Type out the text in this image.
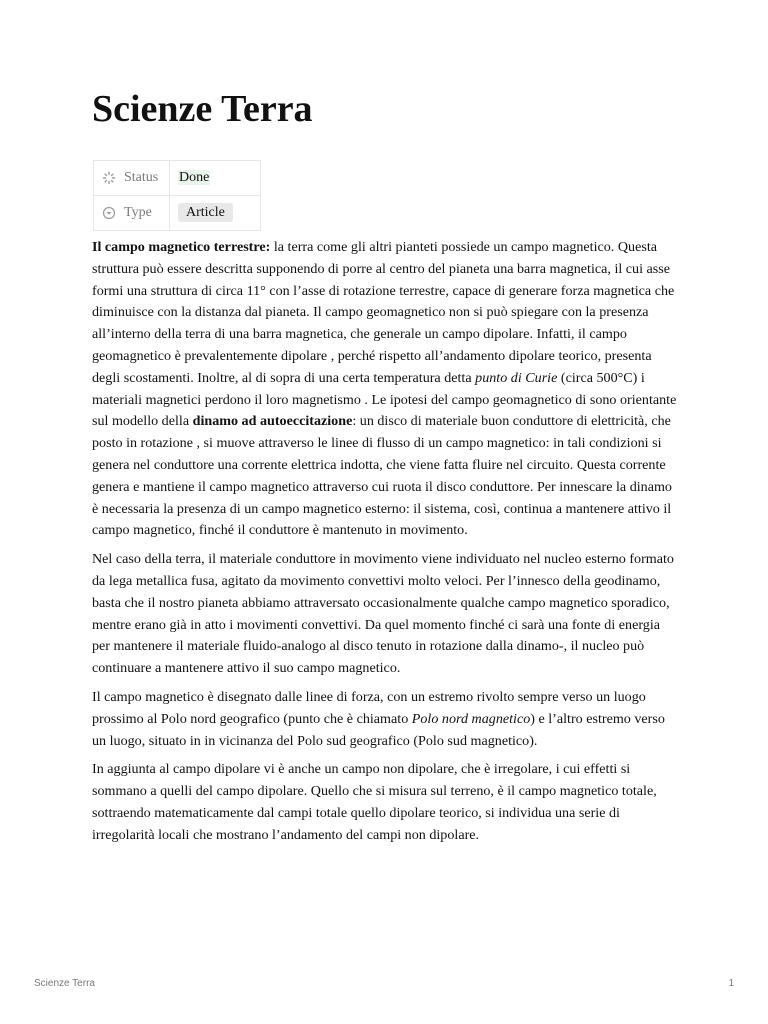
Scienze Terra
Status	Done

Type	Article

Il campo magnetico terrestre: la terra come gli altri pianteti possiede un campo magnetico. Questa struttura può essere descritta supponendo di porre al centro del pianeta una barra magnetica, il cui asse formi una struttura di circa 11° con l’asse di rotazione terrestre, capace di generare forza magnetica che diminuisce con la distanza dal pianeta. Il campo geomagnetico non si può spiegare con la presenza all’interno della terra di una barra magnetica, che generale un campo dipolare. Infatti, il campo geomagnetico è prevalentemente dipolare , perché rispetto all’andamento dipolare teorico, presenta degli scostamenti. Inoltre, al di sopra di una certa temperatura detta punto di Curie (circa 500°C) i materiali magnetici perdono il loro magnetismo . Le ipotesi del campo geomagnetico di sono orientante sul modello della dinamo ad autoeccitazione: un disco di materiale buon conduttore di elettricità, che posto in rotazione , si muove attraverso le linee di flusso di un campo magnetico: in tali condizioni si genera nel conduttore una corrente elettrica indotta, che viene fatta fluire nel circuito. Questa corrente genera e mantiene il campo magnetico attraverso cui ruota il disco conduttore. Per innescare la dinamo è necessaria la presenza di un campo magnetico esterno: il sistema, così, continua a mantenere attivo il campo magnetico, finché il conduttore è mantenuto in movimento.

Nel caso della terra, il materiale conduttore in movimento viene individuato nel nucleo esterno formato da lega metallica fusa, agitato da movimento convettivi molto veloci. Per l’innesco della geodinamo, basta che il nostro pianeta abbiamo attraversato occasionalmente qualche campo magnetico sporadico, mentre erano già in atto i movimenti convettivi. Da quel momento finché ci sarà una fonte di energia per mantenere il materiale fluido-analogo al disco tenuto in rotazione dalla dinamo-, il nucleo può continuare a mantenere attivo il suo campo magnetico.

Il campo magnetico è disegnato dalle linee di forza, con un estremo rivolto sempre verso un luogo prossimo al Polo nord geografico (punto che è chiamato Polo nord magnetico) e l’altro estremo verso un luogo, situato in in vicinanza del Polo sud geografico (Polo sud magnetico).

In aggiunta al campo dipolare vi è anche un campo non dipolare, che è irregolare, i cui effetti si sommano a quelli del campo dipolare. Quello che si misura sul terreno, è il campo magnetico totale, sottraendo matematicamente dal campi totale quello dipolare teorico, si individua una serie di irregolarità locali che mostrano l’andamento del campi non dipolare.

Scienze Terra	1
